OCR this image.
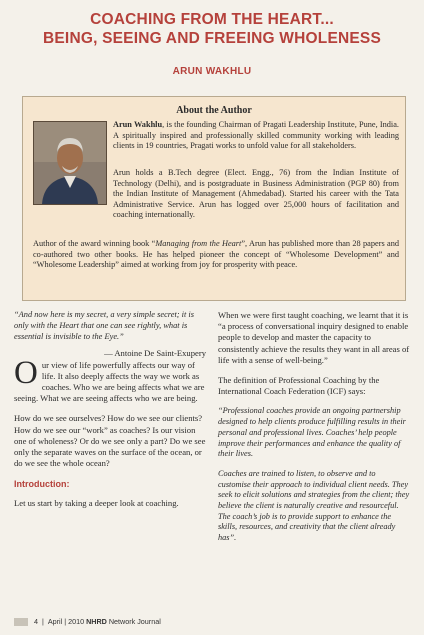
COACHING FROM THE HEART...
BEING, SEEING AND FREEING WHOLENESS
ARUN WAKHLU
About the Author
Arun Wakhlu, is the founding Chairman of Pragati Leadership Institute, Pune, India. A spiritually inspired and professionally skilled community working with leading clients in 19 countries, Pragati works to unfold value for all stakeholders.
Arun holds a B.Tech degree (Elect. Engg., 76) from the Indian Institute of Technology (Delhi), and is postgraduate in Business Administration (PGP 80) from the Indian Institute of Management (Ahmedabad). Started his career with the Tata Administrative Service. Arun has logged over 25,000 hours of facilitation and coaching internationally.
Author of the award winning book “Managing from the Heart”, Arun has published more than 28 papers and co-authored two other books. He has helped pioneer the concept of “Wholesome Development” and “Wholesome Leadership” aimed at working from joy for prosperity with peace.
“And now here is my secret, a very simple secret; it is only with the Heart that one can see rightly, what is essential is invisible to the Eye.”
— Antoine De Saint-Exupery
Our view of life powerfully affects our way of life. It also deeply affects the way we work as coaches. Who we are being affects what we are seeing. What we are seeing affects who we are being.
How do we see ourselves? How do we see our clients? How do we see our “work” as coaches? Is our vision one of wholeness? Or do we see only a part? Do we see only the separate waves on the surface of the ocean, or do we see the whole ocean?
Introduction:
Let us start by taking a deeper look at coaching.
When we were first taught coaching, we learnt that it is “a process of conversational inquiry designed to enable people to develop and master the capacity to consistently achieve the results they want in all areas of life with a sense of well-being.”
The definition of Professional Coaching by the International Coach Federation (ICF) says:
“Professional coaches provide an ongoing partnership designed to help clients produce fulfilling results in their personal and professional lives. Coaches’ help people improve their performances and enhance the quality of their lives.
Coaches are trained to listen, to observe and to customise their approach to individual client needs. They seek to elicit solutions and strategies from the client; they believe the client is naturally creative and resourceful. The coach’s job is to provide support to enhance the skills, resources, and creativity that the client already has”.
4  |  April | 2010 NHRD Network Journal
